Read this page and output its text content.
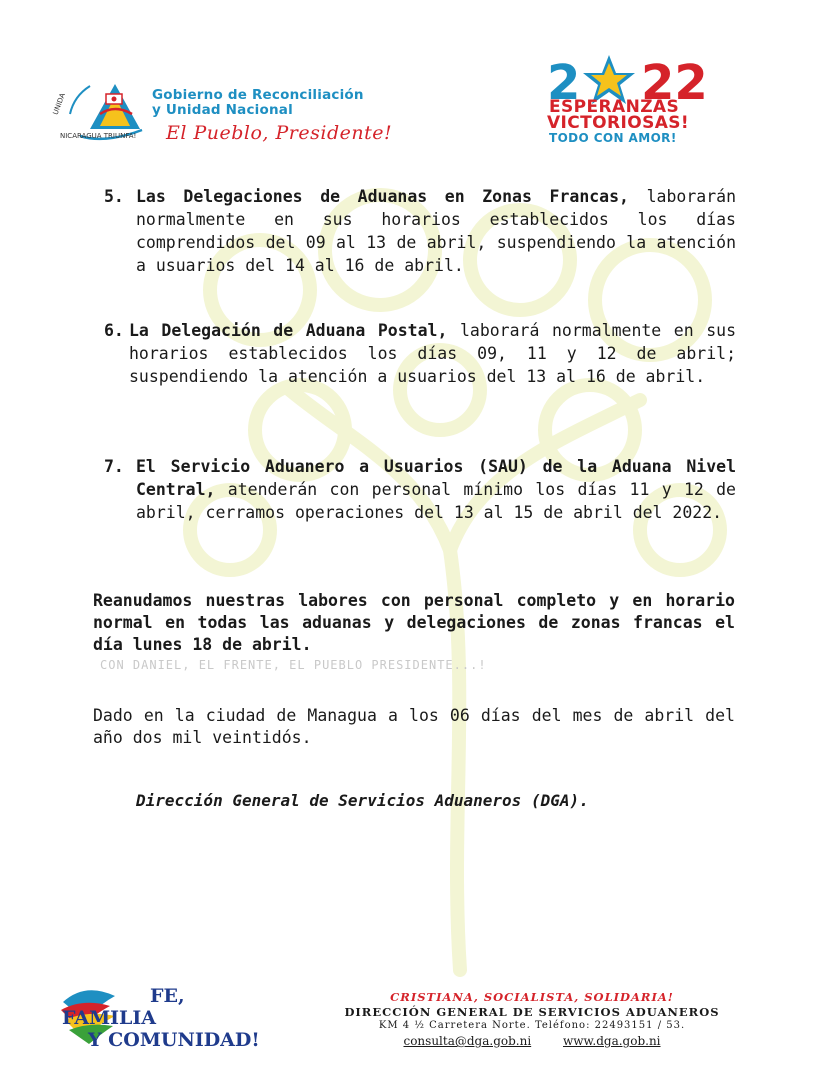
CON DANIEL, EL FRENTE, EL PUEBLO PRESIDENTE...!
UNIDA
NICARAGUA TRIUNFA!
Gobierno de Reconciliación
y Unidad Nacional
El Pueblo, Presidente!
2 22
ESPERANZAS
VICTORIOSAS!
TODO CON AMOR!
5. Las Delegaciones de Aduanas en Zonas Francas, laborarán normalmente en sus horarios establecidos los días comprendidos del 09 al 13 de abril, suspendiendo la atención a usuarios del 14 al 16 de abril.
6. La Delegación de Aduana Postal, laborará normalmente en sus horarios establecidos los días 09, 11 y 12 de abril; suspendiendo la atención a usuarios del 13 al 16 de abril.
7. El Servicio Aduanero a Usuarios (SAU) de la Aduana Nivel Central, atenderán con personal mínimo los días 11 y 12 de abril, cerramos operaciones del 13 al 15 de abril del 2022.
Reanudamos nuestras labores con personal completo y en horario normal en todas las aduanas y delegaciones de zonas francas el día lunes 18 de abril.
Dado en la ciudad de Managua a los 06 días del mes de abril del año dos mil veintidós.
Dirección General de Servicios Aduaneros (DGA).
FE,
FAMILIA
Y COMUNIDAD!
CRISTIANA, SOCIALISTA, SOLIDARIA!
DIRECCIÓN GENERAL DE SERVICIOS ADUANEROS
KM 4 ½ Carretera Norte. Teléfono: 22493151 / 53.
consulta@dga.gob.ni	www.dga.gob.ni
